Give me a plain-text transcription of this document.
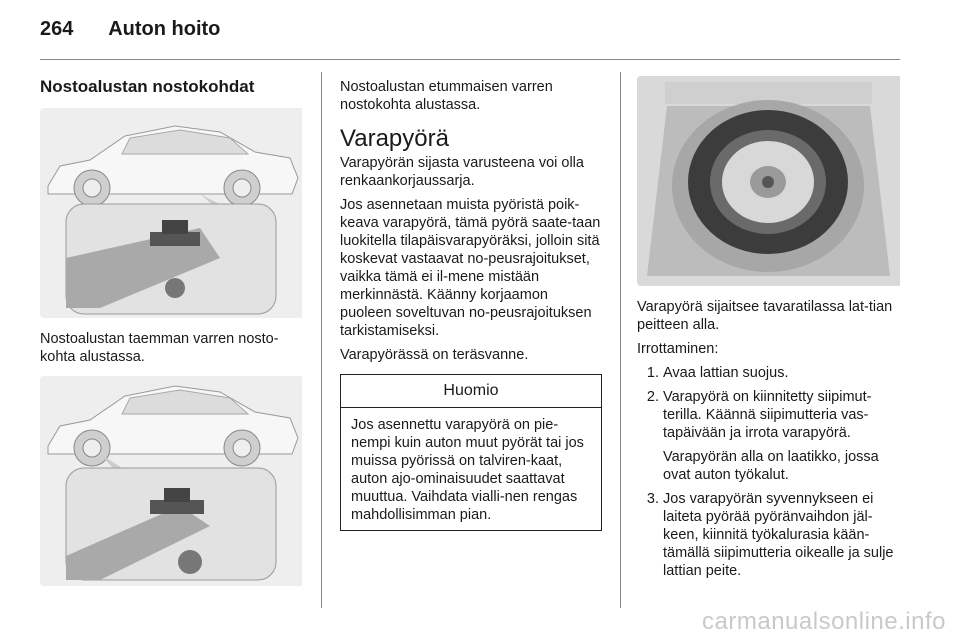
264 Auton hoito
Nostoalustan nostokohdat

Nostoalustan taemman varren nosto-kohta alustassa.

Nostoalustan etummaisen varren nostokohta alustassa.

Varapyörä

Varapyörän sijasta varusteena voi olla renkaankorjaussarja.

Jos asennetaan muista pyöristä poik-keava varapyörä, tämä pyörä saate-taan luokitella tilapäisvarapyöräksi, jolloin sitä koskevat vastaavat no-peusrajoitukset, vaikka tämä ei il-mene mistään merkinnästä. Käänny korjaamon puoleen soveltuvan no-peusrajoituksen tarkistamiseksi.

Varapyörässä on teräsvanne.

Huomio
Jos asennettu varapyörä on pie-nempi kuin auton muut pyörät tai jos muissa pyörissä on talviren-kaat, auton ajo-ominaisuudet saattavat muuttua. Vaihdata vialli-nen rengas mahdollisimman pian.

Varapyörä sijaitsee tavaratilassa lat-tian peitteen alla.

Irrottaminen:

1. Avaa lattian suojus.
2. Varapyörä on kiinnitetty siipimut-terilla. Käännä siipimutteria vas-tapäivään ja irrota varapyörä.
Varapyörän alla on laatikko, jossa ovat auton työkalut.
3. Jos varapyörän syvennykseen ei laiteta pyörää pyöränvaihdon jäl-keen, kiinnitä työkalurasia kään-tämällä siipimutteria oikealle ja sulje lattian peite.
carmanualsonline.info
